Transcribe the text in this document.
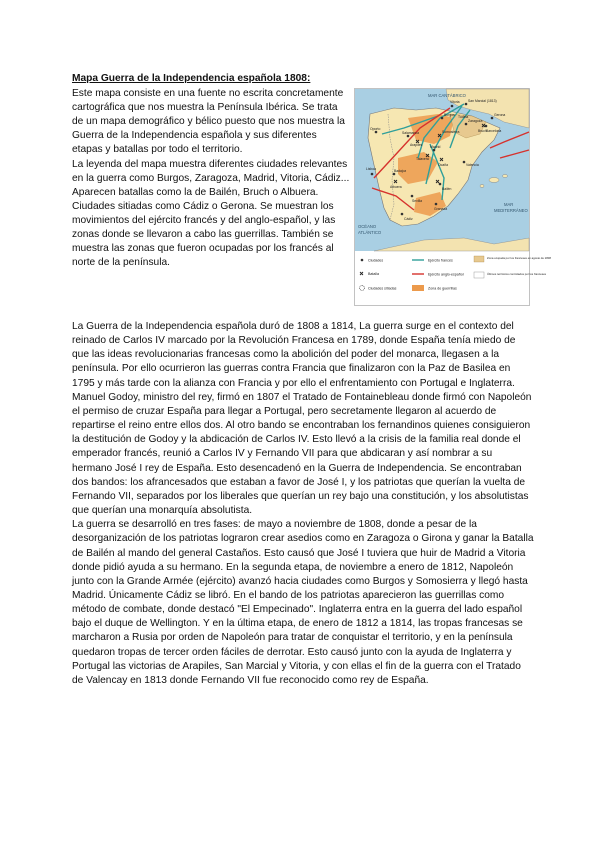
Mapa Guerra de la Independencia española 1808:

Este mapa consiste en una fuente no escrita concretamente cartográfica que nos muestra la Península Ibérica. Se trata de un mapa demográfico y bélico puesto que nos muestra la Guerra de la Independencia española y sus diferentes etapas y batallas por todo el territorio.

La leyenda del mapa muestra diferentes ciudades relevantes en la guerra como Burgos, Zaragoza, Madrid, Vitoria, Cádiz... Aparecen batallas como la de Bailén, Bruch o Albuera. Ciudades sitiadas como Cádiz o Gerona. Se muestran los movimientos del ejército francés y del anglo-español, y las zonas donde se llevaron a cabo las guerrillas. También se muestra las zonas que fueron ocupadas por los francés al norte de la península.

MAR CANTÁBRICO
MAR
MEDITERRÁNEO
OCÉANO
ATLÁNTICO
Vitoria San Marcial (1813)
Bailén
Arapiles
Burgos
Zaragoza
Gerona
Madrid
Bruch
Somosierra
Cádiz
Valencia
Albuera
Ocaña
Talavera
Tudela
Barcelona
Granada
Sevilla
Badajoz
Lisboa
Oporto
Salamanca
Ciudades
Batalla
Ciudades sitiadas
Ejército francés
Ejército anglo-español
Zona de guerrillas
Zona ocupada por los franceses en agosto de 1808
Últimos territorios controlados por los franceses

La Guerra de la Independencia española duró de 1808 a 1814, La guerra surge en el contexto del reinado de Carlos IV marcado por la Revolución Francesa en 1789, donde España tenía miedo de que las ideas revolucionarias francesas como la abolición del poder del monarca, llegasen a la península. Por ello ocurrieron las guerras contra Francia que finalizaron con la Paz de Basilea en 1795 y más tarde con la alianza con Francia y por ello el enfrentamiento con Portugal e Inglaterra. Manuel Godoy, ministro del rey, firmó en 1807 el Tratado de Fontainebleau donde firmó con Napoleón el permiso de cruzar España para llegar a Portugal, pero secretamente llegaron al acuerdo de repartirse el reino entre ellos dos. Al otro bando se encontraban los fernandinos quienes consiguieron la destitución de Godoy y la abdicación de Carlos IV. Esto llevó a la crisis de la familia real donde el emperador francés, reunió a Carlos IV y Fernando VII para que abdicaran y así nombrar a su hermano José I rey de España. Esto desencadenó en la Guerra de Independencia. Se encontraban dos bandos: los afrancesados que estaban a favor de José I, y los patriotas que querían la vuelta de Fernando VII, separados por los liberales que querían un rey bajo una constitución, y los absolutistas que querían una monarquía absolutista.

La guerra se desarrolló en tres fases: de mayo a noviembre de 1808, donde a pesar de la desorganización de los patriotas lograron crear asedios como en Zaragoza o Girona y ganar la Batalla de Bailén al mando del general Castaños. Esto causó que José I tuviera que huir de Madrid a Vitoria donde pidió ayuda a su hermano. En la segunda etapa, de noviembre a enero de 1812, Napoleón junto con la Grande Armée (ejército) avanzó hacia ciudades como Burgos y Somosierra y llegó hasta Madrid. Únicamente Cádiz se libró. En el bando de los patriotas aparecieron las guerrillas como método de combate, donde destacó "El Empecinado". Inglaterra entra en la guerra del lado español bajo el duque de Wellington. Y en la última etapa, de enero de 1812 a 1814, las tropas francesas se marcharon a Rusia por orden de Napoleón para tratar de conquistar el territorio, y en la península quedaron tropas de tercer orden fáciles de derrotar. Esto causó junto con la ayuda de Inglaterra y Portugal las victorias de Arapiles, San Marcial y Vitoria, y con ellas el fin de la guerra con el Tratado de Valencay en 1813 donde Fernando VII fue reconocido como rey de España.
